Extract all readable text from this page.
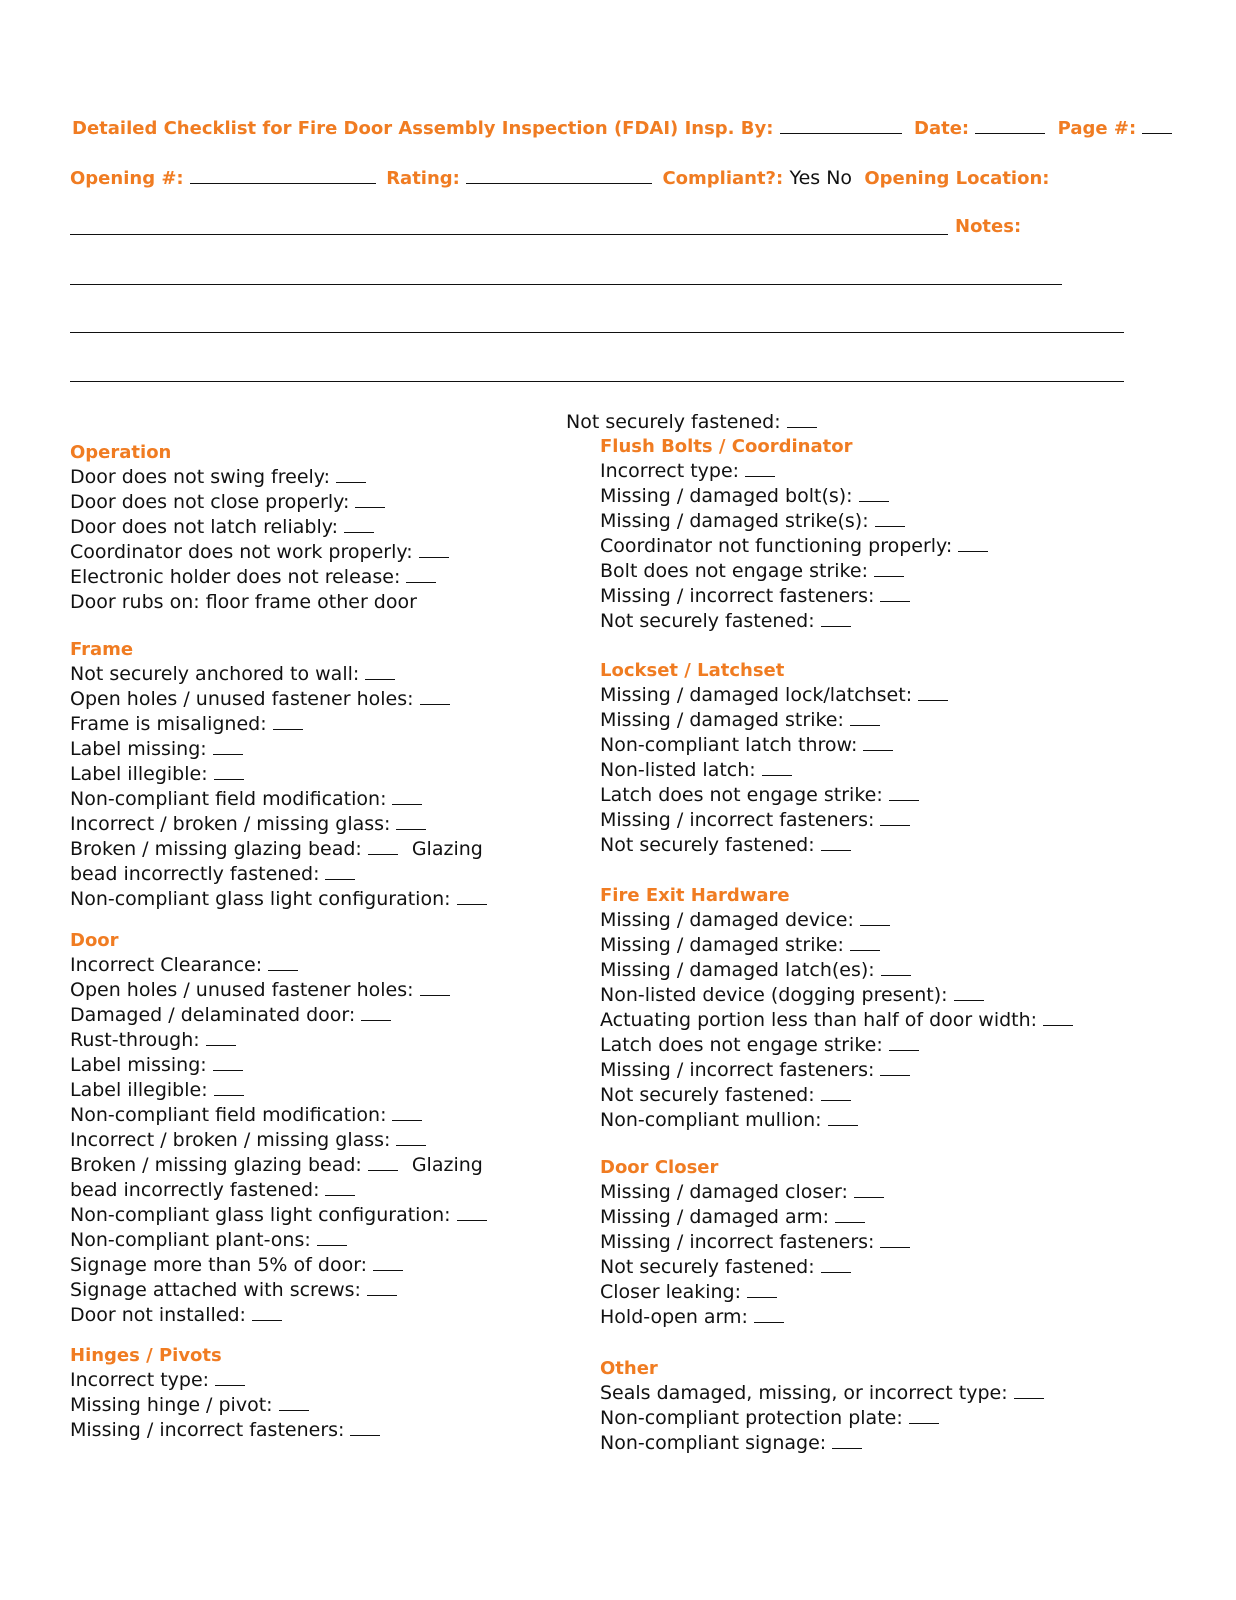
Detailed Checklist for Fire Door Assembly Inspection (FDAI) Insp. By:	Date:	Page #:
Opening #:	Rating:	Compliant?: Yes No Opening Location:
Notes:
Operation
Door does not swing freely:
Door does not close properly:
Door does not latch reliably:
Coordinator does not work properly:
Electronic holder does not release:
Door rubs on: floor frame other door
Frame
Not securely anchored to wall:
Open holes / unused fastener holes:
Frame is misaligned:
Label missing:
Label illegible:
Non-compliant field modification:
Incorrect / broken / missing glass:
Broken / missing glazing bead:	Glazing
bead incorrectly fastened:
Non-compliant glass light configuration:
Door
Incorrect Clearance:
Open holes / unused fastener holes:
Damaged / delaminated door:
Rust-through:
Label missing:
Label illegible:
Non-compliant field modification:
Incorrect / broken / missing glass:
Broken / missing glazing bead:	Glazing
bead incorrectly fastened:
Non-compliant glass light configuration:
Non-compliant plant-ons:
Signage more than 5% of door:
Signage attached with screws:
Door not installed:
Hinges / Pivots
Incorrect type:
Missing hinge / pivot:
Missing / incorrect fasteners:
Not securely fastened:
Flush Bolts / Coordinator
Incorrect type:
Missing / damaged bolt(s):
Missing / damaged strike(s):
Coordinator not functioning properly:
Bolt does not engage strike:
Missing / incorrect fasteners:
Not securely fastened:
Lockset / Latchset
Missing / damaged lock/latchset:
Missing / damaged strike:
Non-compliant latch throw:
Non-listed latch:
Latch does not engage strike:
Missing / incorrect fasteners:
Not securely fastened:
Fire Exit Hardware
Missing / damaged device:
Missing / damaged strike:
Missing / damaged latch(es):
Non-listed device (dogging present):
Actuating portion less than half of door width:
Latch does not engage strike:
Missing / incorrect fasteners:
Not securely fastened:
Non-compliant mullion:
Door Closer
Missing / damaged closer:
Missing / damaged arm:
Missing / incorrect fasteners:
Not securely fastened:
Closer leaking:
Hold-open arm:
Other
Seals damaged, missing, or incorrect type:
Non-compliant protection plate:
Non-compliant signage:
